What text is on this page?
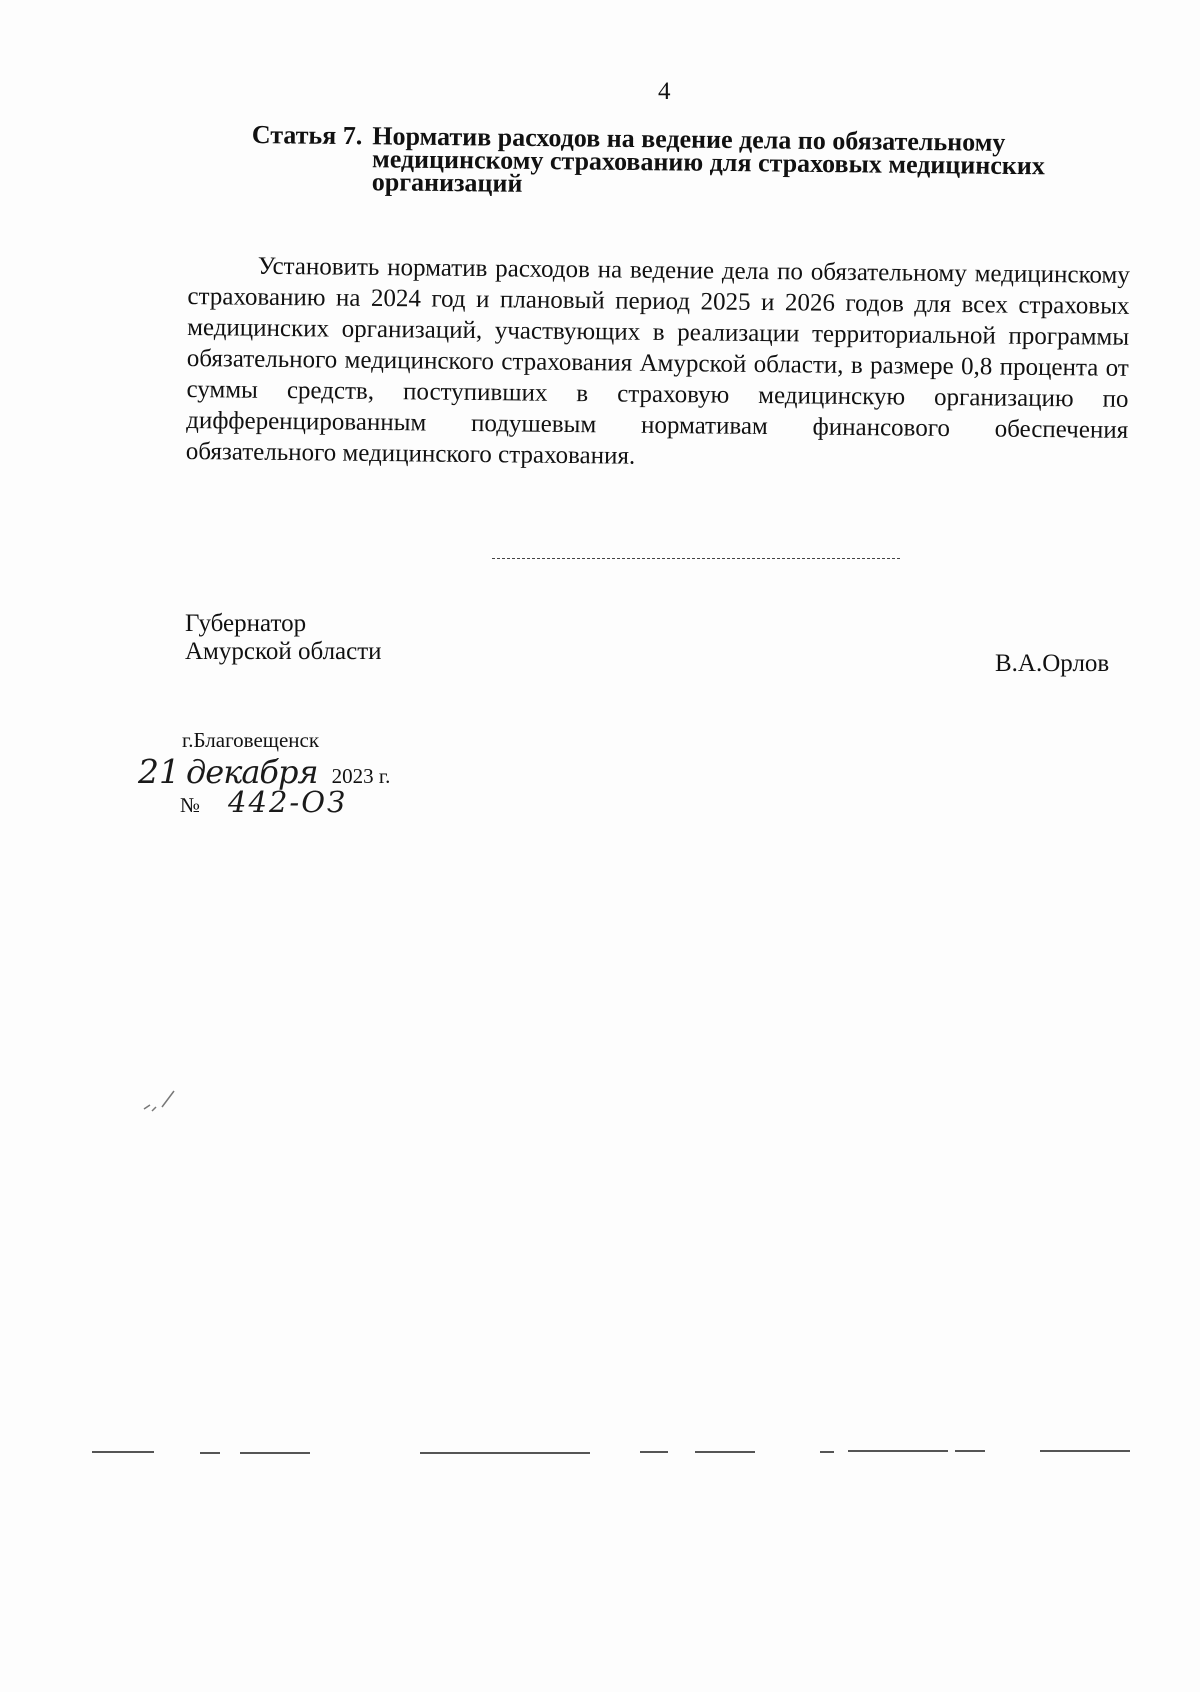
4
Статья 7. Норматив расходов на ведение дела по обязательному медицинскому страхованию для страховых медицинских организаций

Установить норматив расходов на ведение дела по обязательному медицинскому страхованию на 2024 год и плановый период 2025 и 2026 годов для всех страховых медицинских организаций, участвующих в реализации территориальной программы обязательного медицинского страхования Амурской области, в размере 0,8 процента от суммы средств, поступивших в страховую медицинскую организацию по дифференцированным подушевым нормативам финансового обеспечения обязательного медицинского страхования.

Губернатор
Амурской области	В.А.Орлов
г.Благовещенск
21 декабря 2023 г.
№ 442-ОЗ
